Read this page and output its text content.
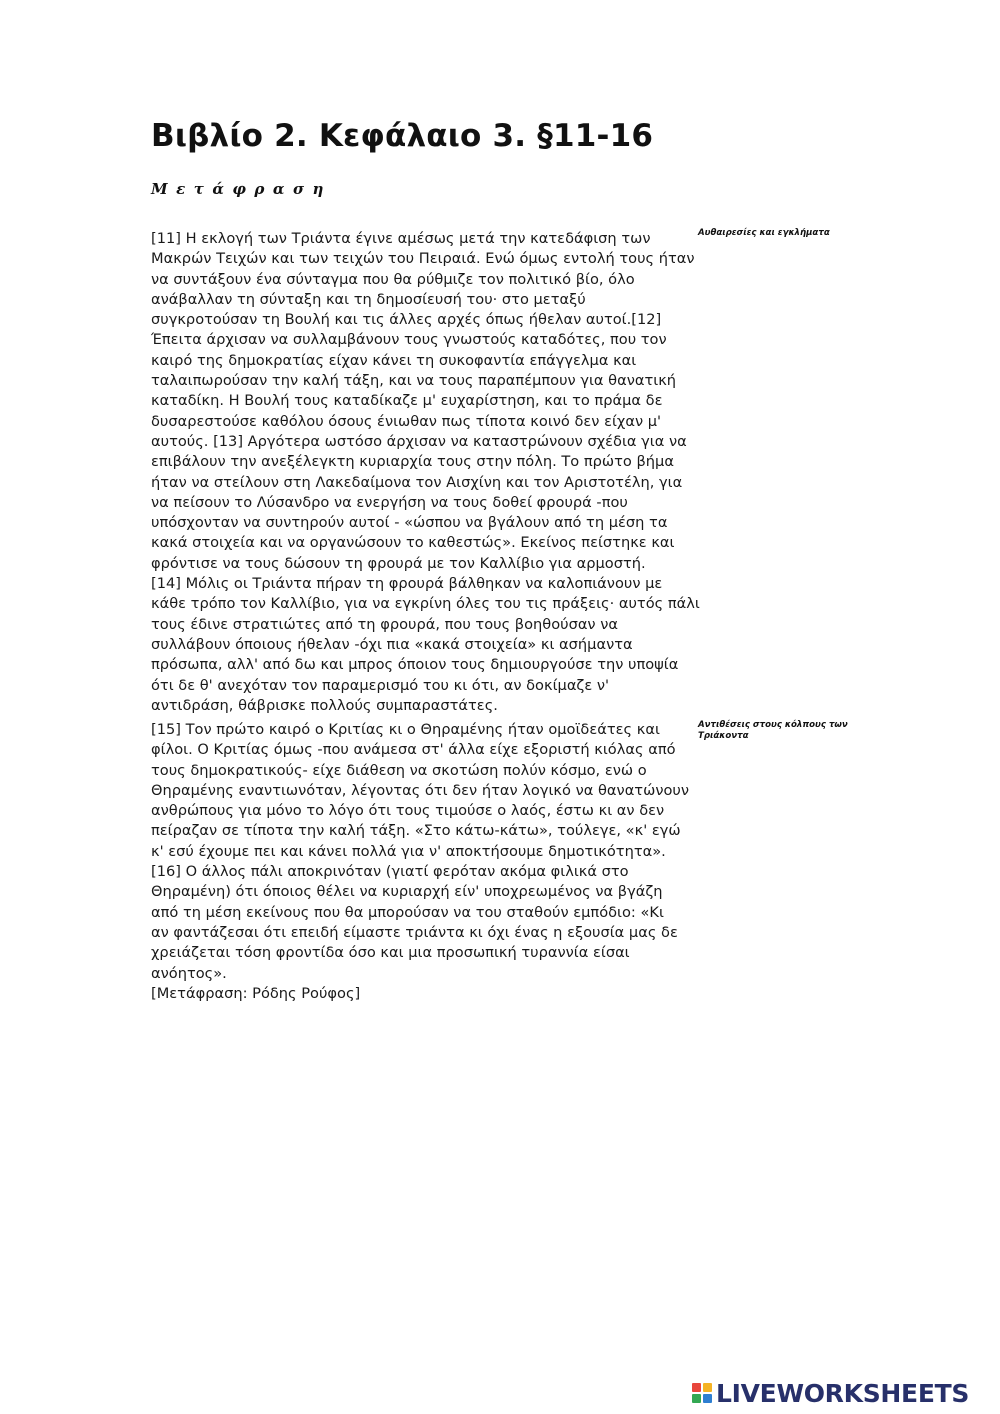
Βιβλίο 2. Κεφάλαιο 3. §11-16
Μετάφραση
[11] Η εκλογή των Τριάντα έγινε αμέσως μετά την κατεδάφιση των
Μακρών Τειχών και των τειχών του Πειραιά. Ενώ όμως εντολή τους ήταν
να συντάξουν ένα σύνταγμα που θα ρύθμιζε τον πολιτικό βίο, όλο
ανάβαλλαν τη σύνταξη και τη δημοσίευσή του· στο μεταξύ
συγκροτούσαν τη Βουλή και τις άλλες αρχές όπως ήθελαν αυτοί.[12]
Έπειτα άρχισαν να συλλαμβάνουν τους γνωστούς καταδότες, που τον
καιρό της δημοκρατίας είχαν κάνει τη συκοφαντία επάγγελμα και
ταλαιπωρούσαν την καλή τάξη, και να τους παραπέμπουν για θανατική
καταδίκη. Η Βουλή τους καταδίκαζε μ' ευχαρίστηση, και το πράμα δε
δυσαρεστούσε καθόλου όσους ένιωθαν πως τίποτα κοινό δεν είχαν μ'
αυτούς. [13] Αργότερα ωστόσο άρχισαν να καταστρώνουν σχέδια για να
επιβάλουν την ανεξέλεγκτη κυριαρχία τους στην πόλη. Το πρώτο βήμα
ήταν να στείλουν στη Λακεδαίμονα τον Αισχίνη και τον Αριστοτέλη, για
να πείσουν το Λύσανδρο να ενεργήση να τους δοθεί φρουρά -που
υπόσχονταν να συντηρούν αυτοί - «ώσπου να βγάλουν από τη μέση τα
κακά στοιχεία και να οργανώσουν το καθεστώς». Εκείνος πείστηκε και
φρόντισε να τους δώσουν τη φρουρά με τον Καλλίβιο για αρμοστή.
[14] Μόλις οι Τριάντα πήραν τη φρουρά βάλθηκαν να καλοπιάνουν με
κάθε τρόπο τον Καλλίβιο, για να εγκρίνη όλες του τις πράξεις· αυτός πάλι
τους έδινε στρατιώτες από τη φρουρά, που τους βοηθούσαν να
συλλάβουν όποιους ήθελαν -όχι πια «κακά στοιχεία» κι ασήμαντα
πρόσωπα, αλλ' από δω και μπρος όποιον τους δημιουργούσε την υποψία
ότι δε θ' ανεχόταν τον παραμερισμό του κι ότι, αν δοκίμαζε ν'
αντιδράση, θάβρισκε πολλούς συμπαραστάτες.
Αυθαιρεσίες και εγκλήματα
[15] Τον πρώτο καιρό ο Κριτίας κι ο Θηραμένης ήταν ομοϊδεάτες και
φίλοι. Ο Κριτίας όμως -που ανάμεσα στ' άλλα είχε εξοριστή κιόλας από
τους δημοκρατικούς- είχε διάθεση να σκοτώση πολύν κόσμο, ενώ ο
Θηραμένης εναντιωνόταν, λέγοντας ότι δεν ήταν λογικό να θανατώνουν
ανθρώπους για μόνο το λόγο ότι τους τιμούσε ο λαός, έστω κι αν δεν
πείραζαν σε τίποτα την καλή τάξη. «Στο κάτω-κάτω», τούλεγε, «κ' εγώ
κ' εσύ έχουμε πει και κάνει πολλά για ν' αποκτήσουμε δημοτικότητα».
[16] Ο άλλος πάλι αποκρινόταν (γιατί φερόταν ακόμα φιλικά στο
Θηραμένη) ότι όποιος θέλει να κυριαρχή είν' υποχρεωμένος να βγάζη
από τη μέση εκείνους που θα μπορούσαν να του σταθούν εμπόδιο: «Κι
αν φαντάζεσαι ότι επειδή είμαστε τριάντα κι όχι ένας η εξουσία μας δε
χρειάζεται τόση φροντίδα όσο και μια προσωπική τυραννία είσαι
ανόητος».
[Μετάφραση: Ρόδης Ρούφος]
Αντιθέσεις στους κόλπους των Τριάκοντα
LIVEWORKSHEETS
